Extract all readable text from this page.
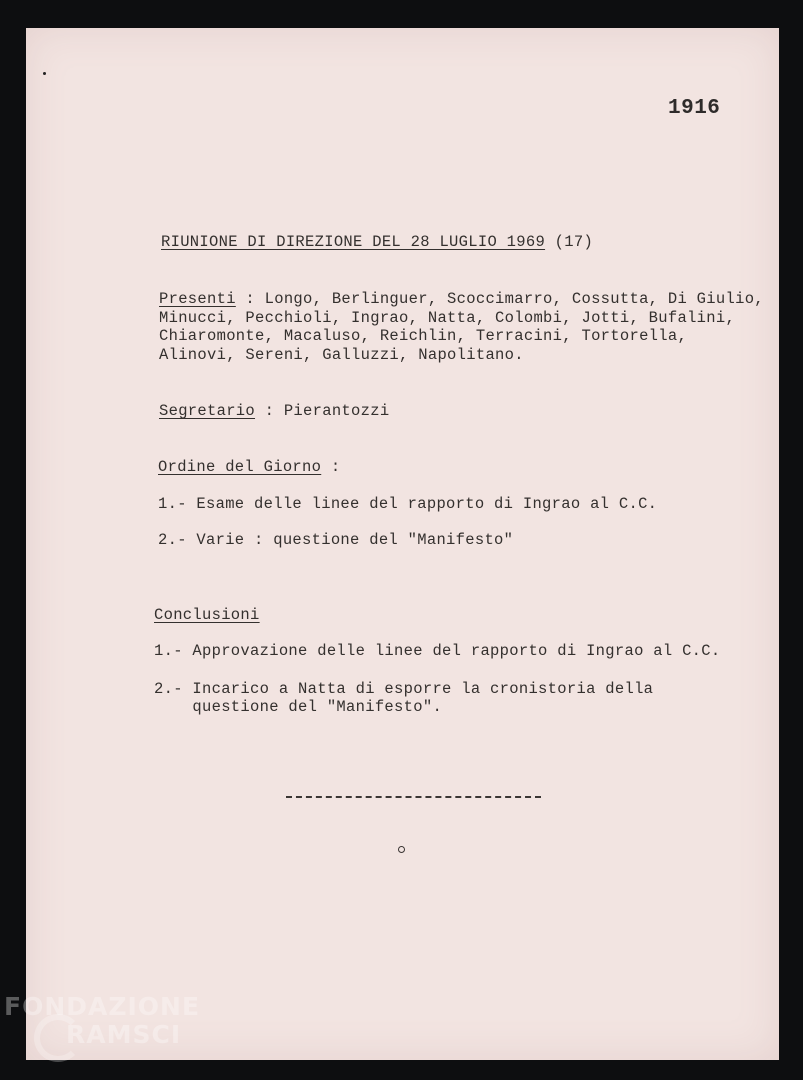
1916
RIUNIONE DI DIREZIONE DEL 28 LUGLIO 1969 (17)
Presenti : Longo, Berlinguer, Scoccimarro, Cossutta, Di Giulio,
Minucci, Pecchioli, Ingrao, Natta, Colombi, Jotti, Bufalini,
Chiaromonte, Macaluso, Reichlin, Terracini, Tortorella,
Alinovi, Sereni, Galluzzi, Napolitano.
Segretario : Pierantozzi
Ordine del Giorno :
1.- Esame delle linee del rapporto di Ingrao al C.C.
2.- Varie : questione del "Manifesto"
Conclusioni
1.- Approvazione delle linee del rapporto di Ingrao al C.C.
2.- Incarico a Natta di esporre la cronistoria della
questione del "Manifesto".
FONDAZIONE
RAMSCI
